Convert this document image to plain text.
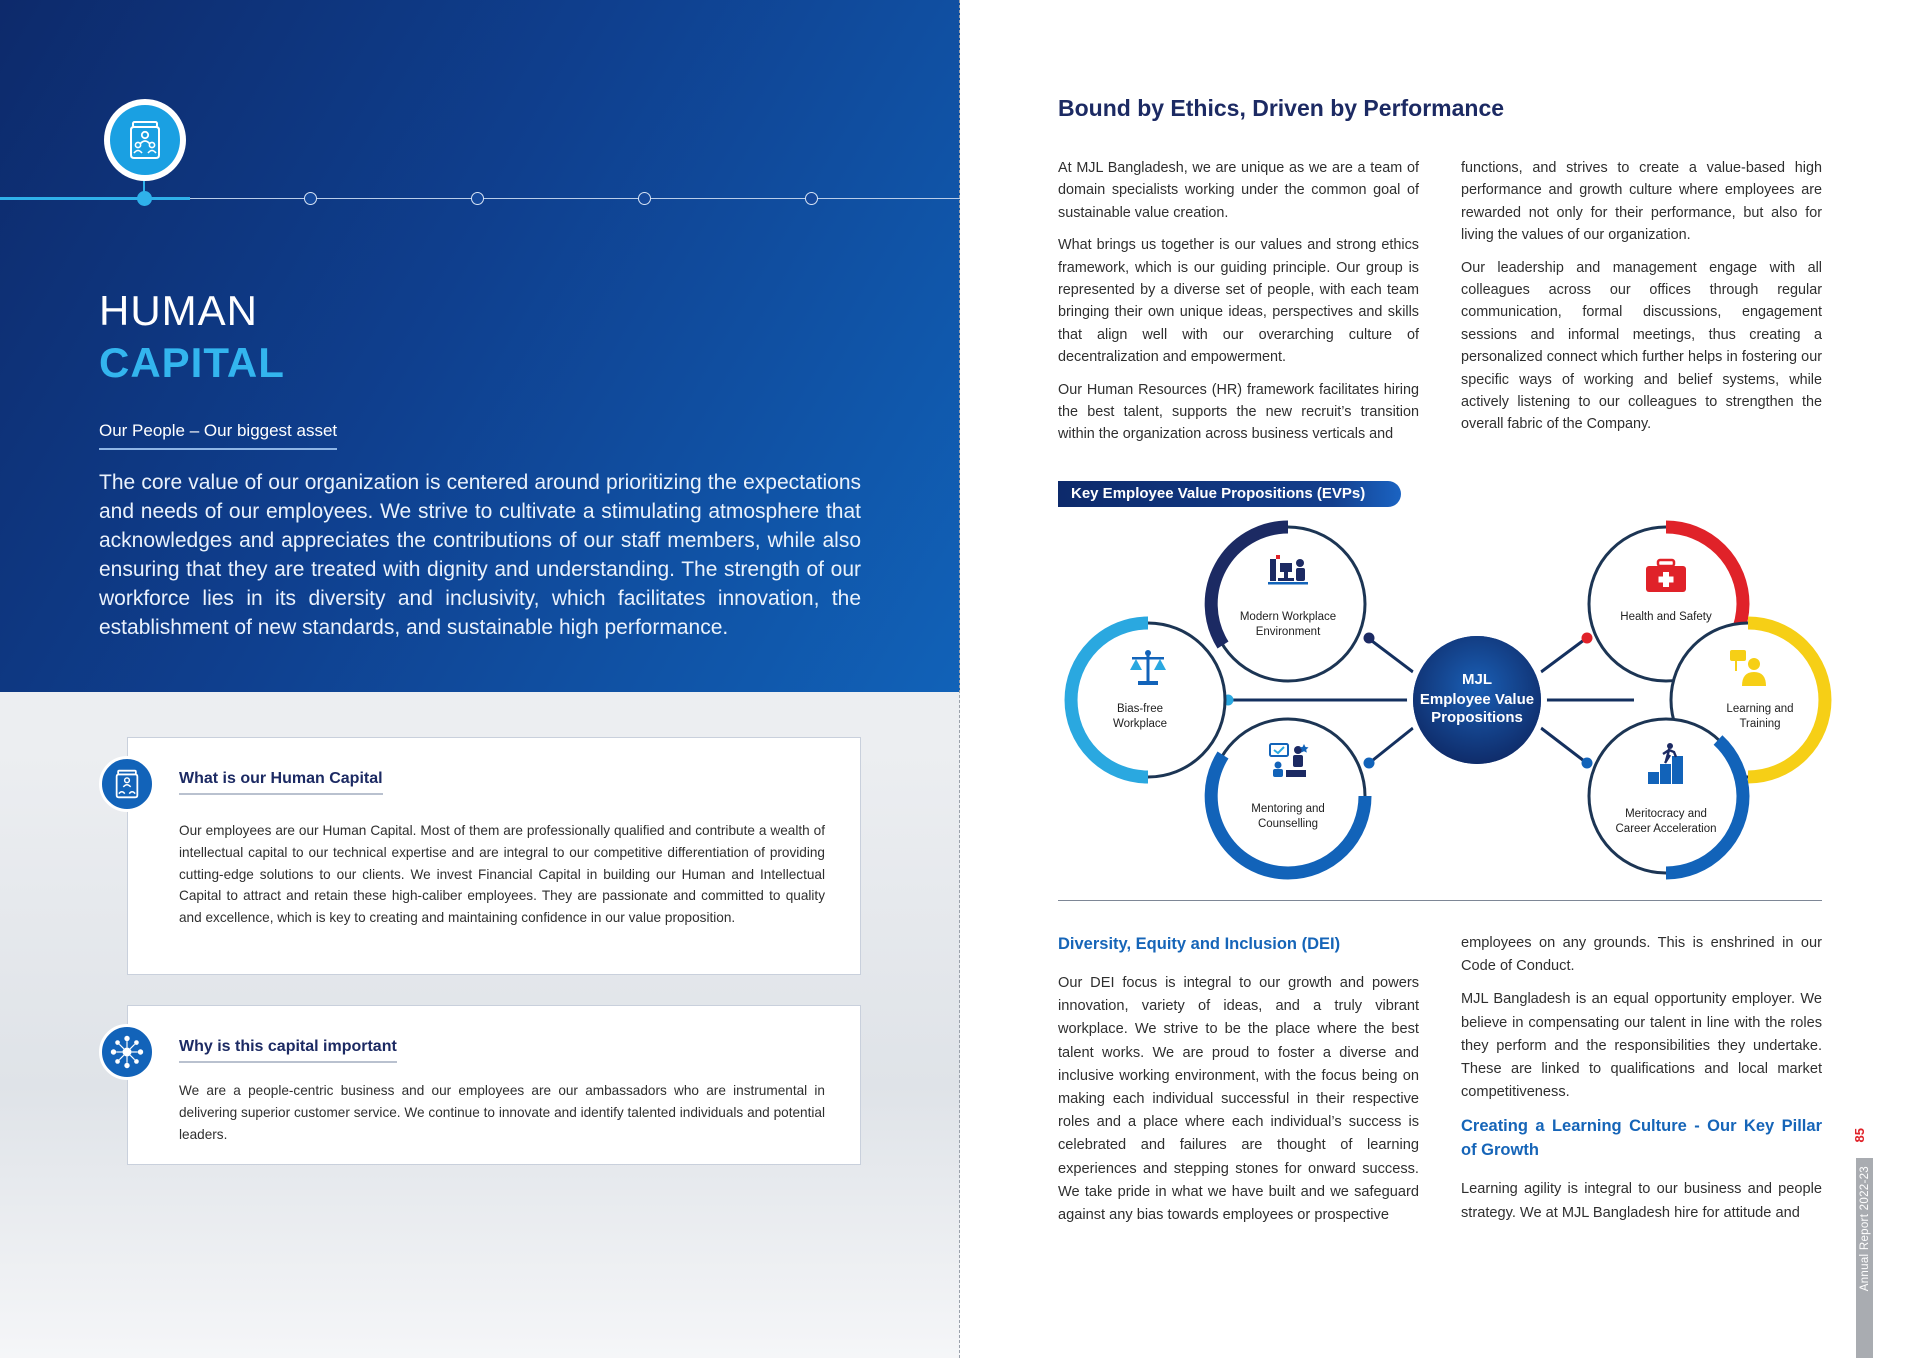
HUMAN
CAPITAL
Our People – Our biggest asset

The core value of our organization is centered around prioritizing the expectations and needs of our employees. We strive to cultivate a stimulating atmosphere that acknowledges and appreciates the contributions of our staff members, while also ensuring that they are treated with dignity and understanding. The strength of our workforce lies in its diversity and inclusivity, which facilitates innovation, the establishment of new standards, and sustainable high performance.

What is our Human Capital

Our employees are our Human Capital. Most of them are professionally qualified and contribute a wealth of intellectual capital to our technical expertise and are integral to our competitive differentiation of providing cutting-edge solutions to our clients. We invest Financial Capital in building our Human and Intellectual Capital to attract and retain these high-caliber employees. They are passionate and committed to quality and excellence, which is key to creating and maintaining confidence in our value proposition.

Why is this capital important

We are a people-centric business and our employees are our ambassadors who are instrumental in delivering superior customer service. We continue to innovate and identify talented individuals and potential leaders.

Bound by Ethics, Driven by Performance

At MJL Bangladesh, we are unique as we are a team of domain specialists working under the common goal of sustainable value creation.

What brings us together is our values and strong ethics framework, which is our guiding principle. Our group is represented by a diverse set of people, with each team bringing their own unique ideas, perspectives and skills that align well with our overarching culture of decentralization and empowerment.

Our Human Resources (HR) framework facilitates hiring the best talent, supports the new recruit’s transition within the organization across business verticals and

functions, and strives to create a value-based high performance and growth culture where employees are rewarded not only for their performance, but also for living the values of our organization.

Our leadership and management engage with all colleagues across our offices through regular communication, formal discussions, engagement sessions and informal meetings, thus creating a personalized connect which further helps in fostering our specific ways of working and belief systems, while actively listening to our colleagues to strengthen the overall fabric of the Company.

Key Employee Value Propositions (EVPs)
MJL
Employee Value
Propositions
Modern Workplace
Environment
Health and Safety
Bias-free
Workplace
Learning and
Training
Mentoring and
Counselling
Meritocracy and
Career Acceleration
Diversity, Equity and Inclusion (DEI)

Our DEI focus is integral to our growth and powers innovation, variety of ideas, and a truly vibrant workplace. We strive to be the place where the best talent works. We are proud to foster a diverse and inclusive working environment, with the focus being on making each individual successful in their respective roles and a place where each individual’s success is celebrated and failures are thought of learning experiences and stepping stones for onward success. We take pride in what we have built and we safeguard against any bias towards employees or prospective

employees on any grounds. This is enshrined in our Code of Conduct.

MJL Bangladesh is an equal opportunity employer. We believe in compensating our talent in line with the roles they perform and the responsibilities they undertake. These are linked to qualifications and local market competitiveness.

Creating a Learning Culture - Our Key Pillar of Growth

Learning agility is integral to our business and people strategy. We at MJL Bangladesh hire for attitude and

85
Annual Report 2022-23
